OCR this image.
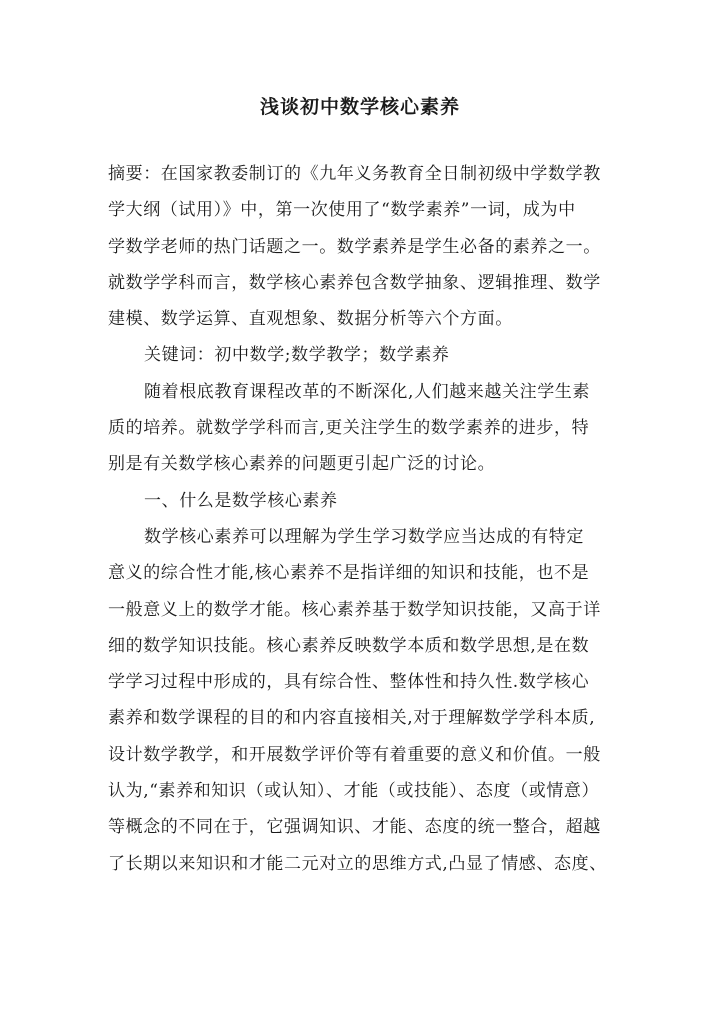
浅谈初中数学核心素养
摘要：在国家教委制订的《九年义务教育全日制初级中学数学教
学大纲（试用）》中，第一次使用了“数学素养”一词，成为中
学数学老师的热门话题之一。数学素养是学生必备的素养之一。
就数学学科而言，数学核心素养包含数学抽象、逻辑推理、数学
建模、数学运算、直观想象、数据分析等六个方面。
关键词：初中数学;数学教学；数学素养
随着根底教育课程改革的不断深化,人们越来越关注学生素
质的培养。就数学学科而言,更关注学生的数学素养的进步，特
别是有关数学核心素养的问题更引起广泛的讨论。
一、什么是数学核心素养
数学核心素养可以理解为学生学习数学应当达成的有特定
意义的综合性才能,核心素养不是指详细的知识和技能，也不是
一般意义上的数学才能。核心素养基于数学知识技能，又高于详
细的数学知识技能。核心素养反映数学本质和数学思想,是在数
学学习过程中形成的，具有综合性、整体性和持久性.数学核心
素养和数学课程的目的和内容直接相关,对于理解数学学科本质,
设计数学教学，和开展数学评价等有着重要的意义和价值。一般
认为,“素养和知识（或认知）、才能（或技能）、态度（或情意）
等概念的不同在于，它强调知识、才能、态度的统一整合，超越
了长期以来知识和才能二元对立的思维方式,凸显了情感、态度、
